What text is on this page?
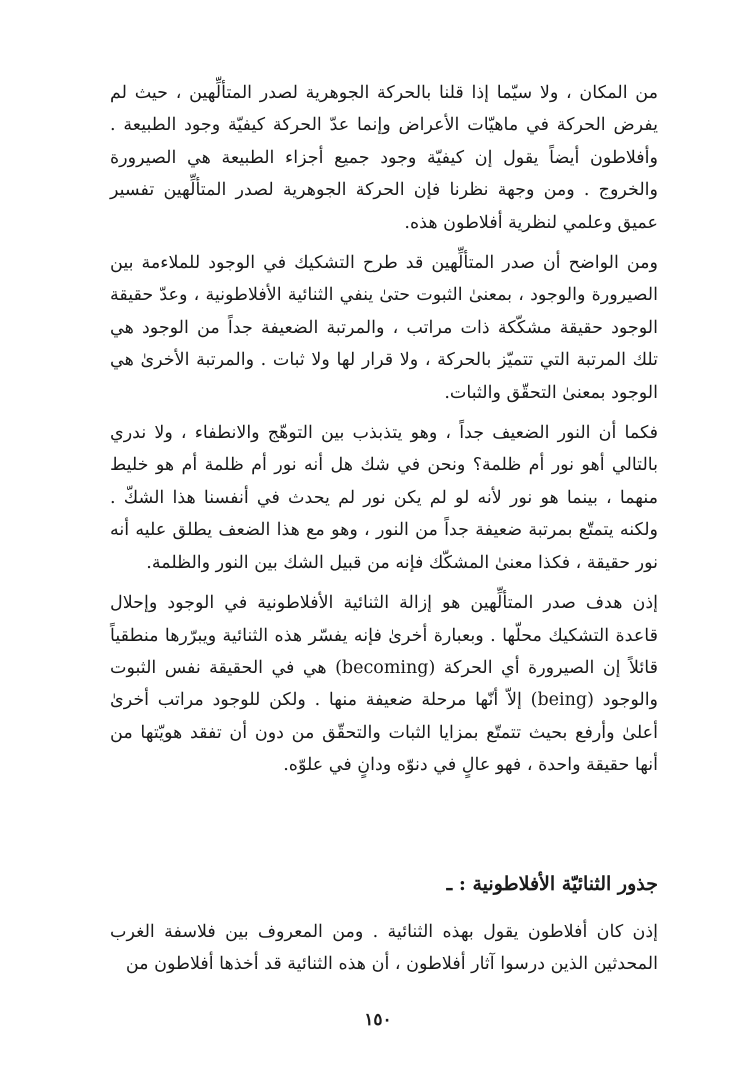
من المكان ، ولا سيّما إذا قلنا بالحركة الجوهرية لصدر المتألِّهين ، حيث لم يفرض الحركة في ماهيّات الأعراض وإنما عدّ الحركة كيفيّة وجود الطبيعة . وأفلاطون أيضاً يقول إن كيفيّة وجود جميع أجزاء الطبيعة هي الصيرورة والخروج . ومن وجهة نظرنا فإن الحركة الجوهرية لصدر المتألِّهين تفسير عميق وعلمي لنظرية أفلاطون هذه.

ومن الواضح أن صدر المتألِّهين قد طرح التشكيك في الوجود للملاءمة بين الصيرورة والوجود ، بمعنىٰ الثبوت حتىٰ ينفي الثنائية الأفلاطونية ، وعدّ حقيقة الوجود حقيقة مشكّكة ذات مراتب ، والمرتبة الضعيفة جداً من الوجود هي تلك المرتبة التي تتميّز بالحركة ، ولا قرار لها ولا ثبات . والمرتبة الأخرىٰ هي الوجود بمعنىٰ التحقّق والثبات.

فكما أن النور الضعيف جداً ، وهو يتذبذب بين التوهّج والانطفاء ، ولا ندري بالتالي أهو نور أم ظلمة؟ ونحن في شك هل أنه نور أم ظلمة أم هو خليط منهما ، بينما هو نور لأنه لو لم يكن نور لم يحدث في أنفسنا هذا الشكّ . ولكنه يتمتّع بمرتبة ضعيفة جداً من النور ، وهو مع هذا الضعف يطلق عليه أنه نور حقيقة ، فكذا معنىٰ المشكّك فإنه من قبيل الشك بين النور والظلمة.

إذن هدف صدر المتألِّهين هو إزالة الثنائية الأفلاطونية في الوجود وإحلال قاعدة التشكيك محلّها . وبعبارة أخرىٰ فإنه يفسّر هذه الثنائية ويبرّرها منطقياً قائلاً إن الصيرورة أي الحركة (becoming) هي في الحقيقة نفس الثبوت والوجود (being) إلاّ أنّها مرحلة ضعيفة منها . ولكن للوجود مراتب أخرىٰ أعلىٰ وأرفع بحيث تتمتّع بمزايا الثبات والتحقّق من دون أن تفقد هويّتها من أنها حقيقة واحدة ، فهو عالٍ في دنوّه ودانٍ في علوّه.

جذور الثنائيّة الأفلاطونية : ـ

إذن كان أفلاطون يقول بهذه الثنائية . ومن المعروف بين فلاسفة الغرب المحدثين الذين درسوا آثار أفلاطون ، أن هذه الثنائية قد أخذها أفلاطون من

١٥٠
